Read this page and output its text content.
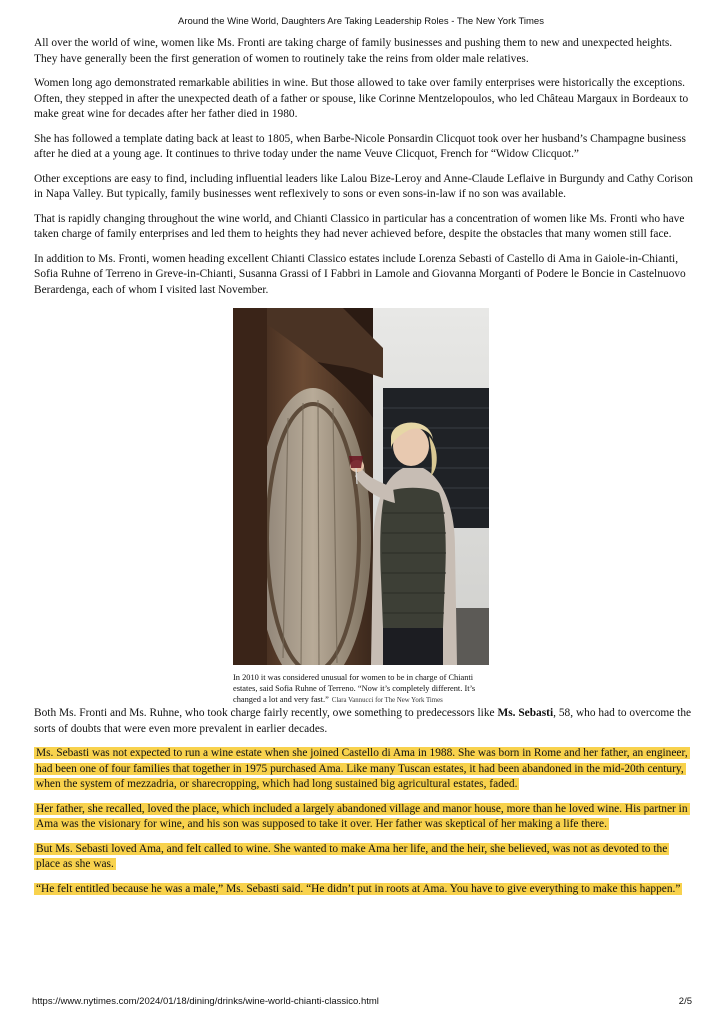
Around the Wine World, Daughters Are Taking Leadership Roles - The New York Times

All over the world of wine, women like Ms. Fronti are taking charge of family businesses and pushing them to new and unexpected heights. They have generally been the first generation of women to routinely take the reins from older male relatives.

Women long ago demonstrated remarkable abilities in wine. But those allowed to take over family enterprises were historically the exceptions. Often, they stepped in after the unexpected death of a father or spouse, like Corinne Mentzelopoulos, who led Château Margaux in Bordeaux to make great wine for decades after her father died in 1980.

She has followed a template dating back at least to 1805, when Barbe-Nicole Ponsardin Clicquot took over her husband’s Champagne business after he died at a young age. It continues to thrive today under the name Veuve Clicquot, French for “Widow Clicquot.”

Other exceptions are easy to find, including influential leaders like Lalou Bize-Leroy and Anne-Claude Leflaive in Burgundy and Cathy Corison in Napa Valley. But typically, family businesses went reflexively to sons or even sons-in-law if no son was available.

That is rapidly changing throughout the wine world, and Chianti Classico in particular has a concentration of women like Ms. Fronti who have taken charge of family enterprises and led them to heights they had never achieved before, despite the obstacles that many women still face.

In addition to Ms. Fronti, women heading excellent Chianti Classico estates include Lorenza Sebasti of Castello di Ama in Gaiole-in-Chianti, Sofia Ruhne of Terreno in Greve-in-Chianti, Susanna Grassi of I Fabbri in Lamole and Giovanna Morganti of Podere le Boncie in Castelnuovo Berardenga, each of whom I visited last November.

In 2010 it was considered unusual for women to be in charge of Chianti estates, said Sofia Ruhne of Terreno. “Now it’s completely different. It’s changed a lot and very fast.” Clara Vannucci for The New York Times

Both Ms. Fronti and Ms. Ruhne, who took charge fairly recently, owe something to predecessors like Ms. Sebasti, 58, who had to overcome the sorts of doubts that were even more prevalent in earlier decades.

Ms. Sebasti was not expected to run a wine estate when she joined Castello di Ama in 1988. She was born in Rome and her father, an engineer, had been one of four families that together in 1975 purchased Ama. Like many Tuscan estates, it had been abandoned in the mid-20th century, when the system of mezzadria, or sharecropping, which had long sustained big agricultural estates, faded.

Her father, she recalled, loved the place, which included a largely abandoned village and manor house, more than he loved wine. His partner in Ama was the visionary for wine, and his son was supposed to take it over. Her father was skeptical of her making a life there.

But Ms. Sebasti loved Ama, and felt called to wine. She wanted to make Ama her life, and the heir, she believed, was not as devoted to the place as she was.

“He felt entitled because he was a male,” Ms. Sebasti said. “He didn’t put in roots at Ama. You have to give everything to make this happen.”

https://www.nytimes.com/2024/01/18/dining/drinks/wine-world-chianti-classico.html	2/5
